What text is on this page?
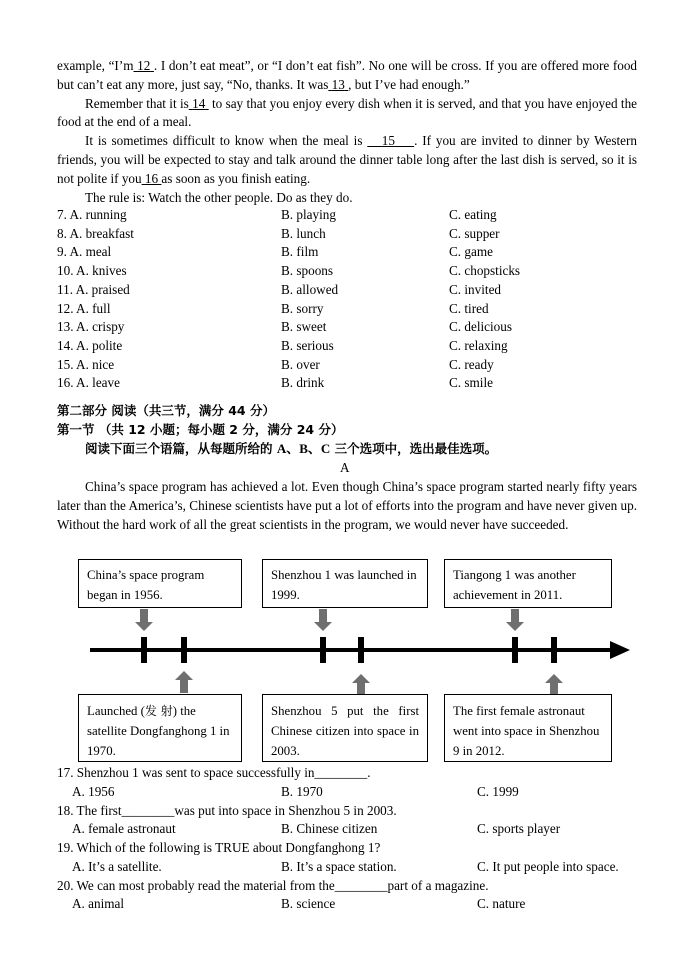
example, “I’m 12 . I don’t eat meat”, or “I don’t eat fish”. No one will be cross. If you are offered more food but can’t eat any more, just say, “No, thanks. It was 13 , but I’ve had enough.”

Remember that it is 14 to say that you enjoy every dish when it is served, and that you have enjoyed the food at the end of a meal.

It is sometimes difficult to know when the meal is 15 . If you are invited to dinner by Western friends, you will be expected to stay and talk around the dinner table long after the last dish is served, so it is not polite if you 16 as soon as you finish eating.

The rule is: Watch the other people. Do as they do.

7. A. running	B. playing	C. eating
8. A. breakfast	B. lunch	C. supper
9. A. meal	B. film	C. game
10. A. knives	B. spoons	C. chopsticks
11. A. praised	B. allowed	C. invited
12. A. full	B. sorry	C. tired
13. A. crispy	B. sweet	C. delicious
14. A. polite	B. serious	C. relaxing
15. A. nice	B. over	C. ready
16. A. leave	B. drink	C. smile
第二部分 阅读（共三节，满分 44 分）
第一节 （共 12 小题；每小题 2 分，满分 24 分）
阅读下面三个语篇，从每题所给的 A、B、C 三个选项中，选出最佳选项。
A

China’s space program has achieved a lot. Even though China’s space program started nearly fifty years later than the America’s, Chinese scientists have put a lot of efforts into the program and have never given up. Without the hard work of all the great scientists in the program, we would never have succeeded.

China’s space program began in 1956.
Shenzhou 1 was launched in 1999.
Tiangong 1 was another achievement in 2011.
Launched (发 射) the satellite Dongfanghong 1 in 1970.
Shenzhou 5 put the first Chinese citizen into space in 2003.
The first female astronaut went into space in Shenzhou 9 in 2012.
17. Shenzhou 1 was sent to space successfully in________.
A. 1956	B. 1970	C. 1999
18. The first________was put into space in Shenzhou 5 in 2003.
A. female astronaut	B. Chinese citizen	C. sports player
19. Which of the following is TRUE about Dongfanghong 1?
A. It’s a satellite.	B. It’s a space station.	C. It put people into space.
20. We can most probably read the material from the________part of a magazine.
A. animal	B. science	C. nature
